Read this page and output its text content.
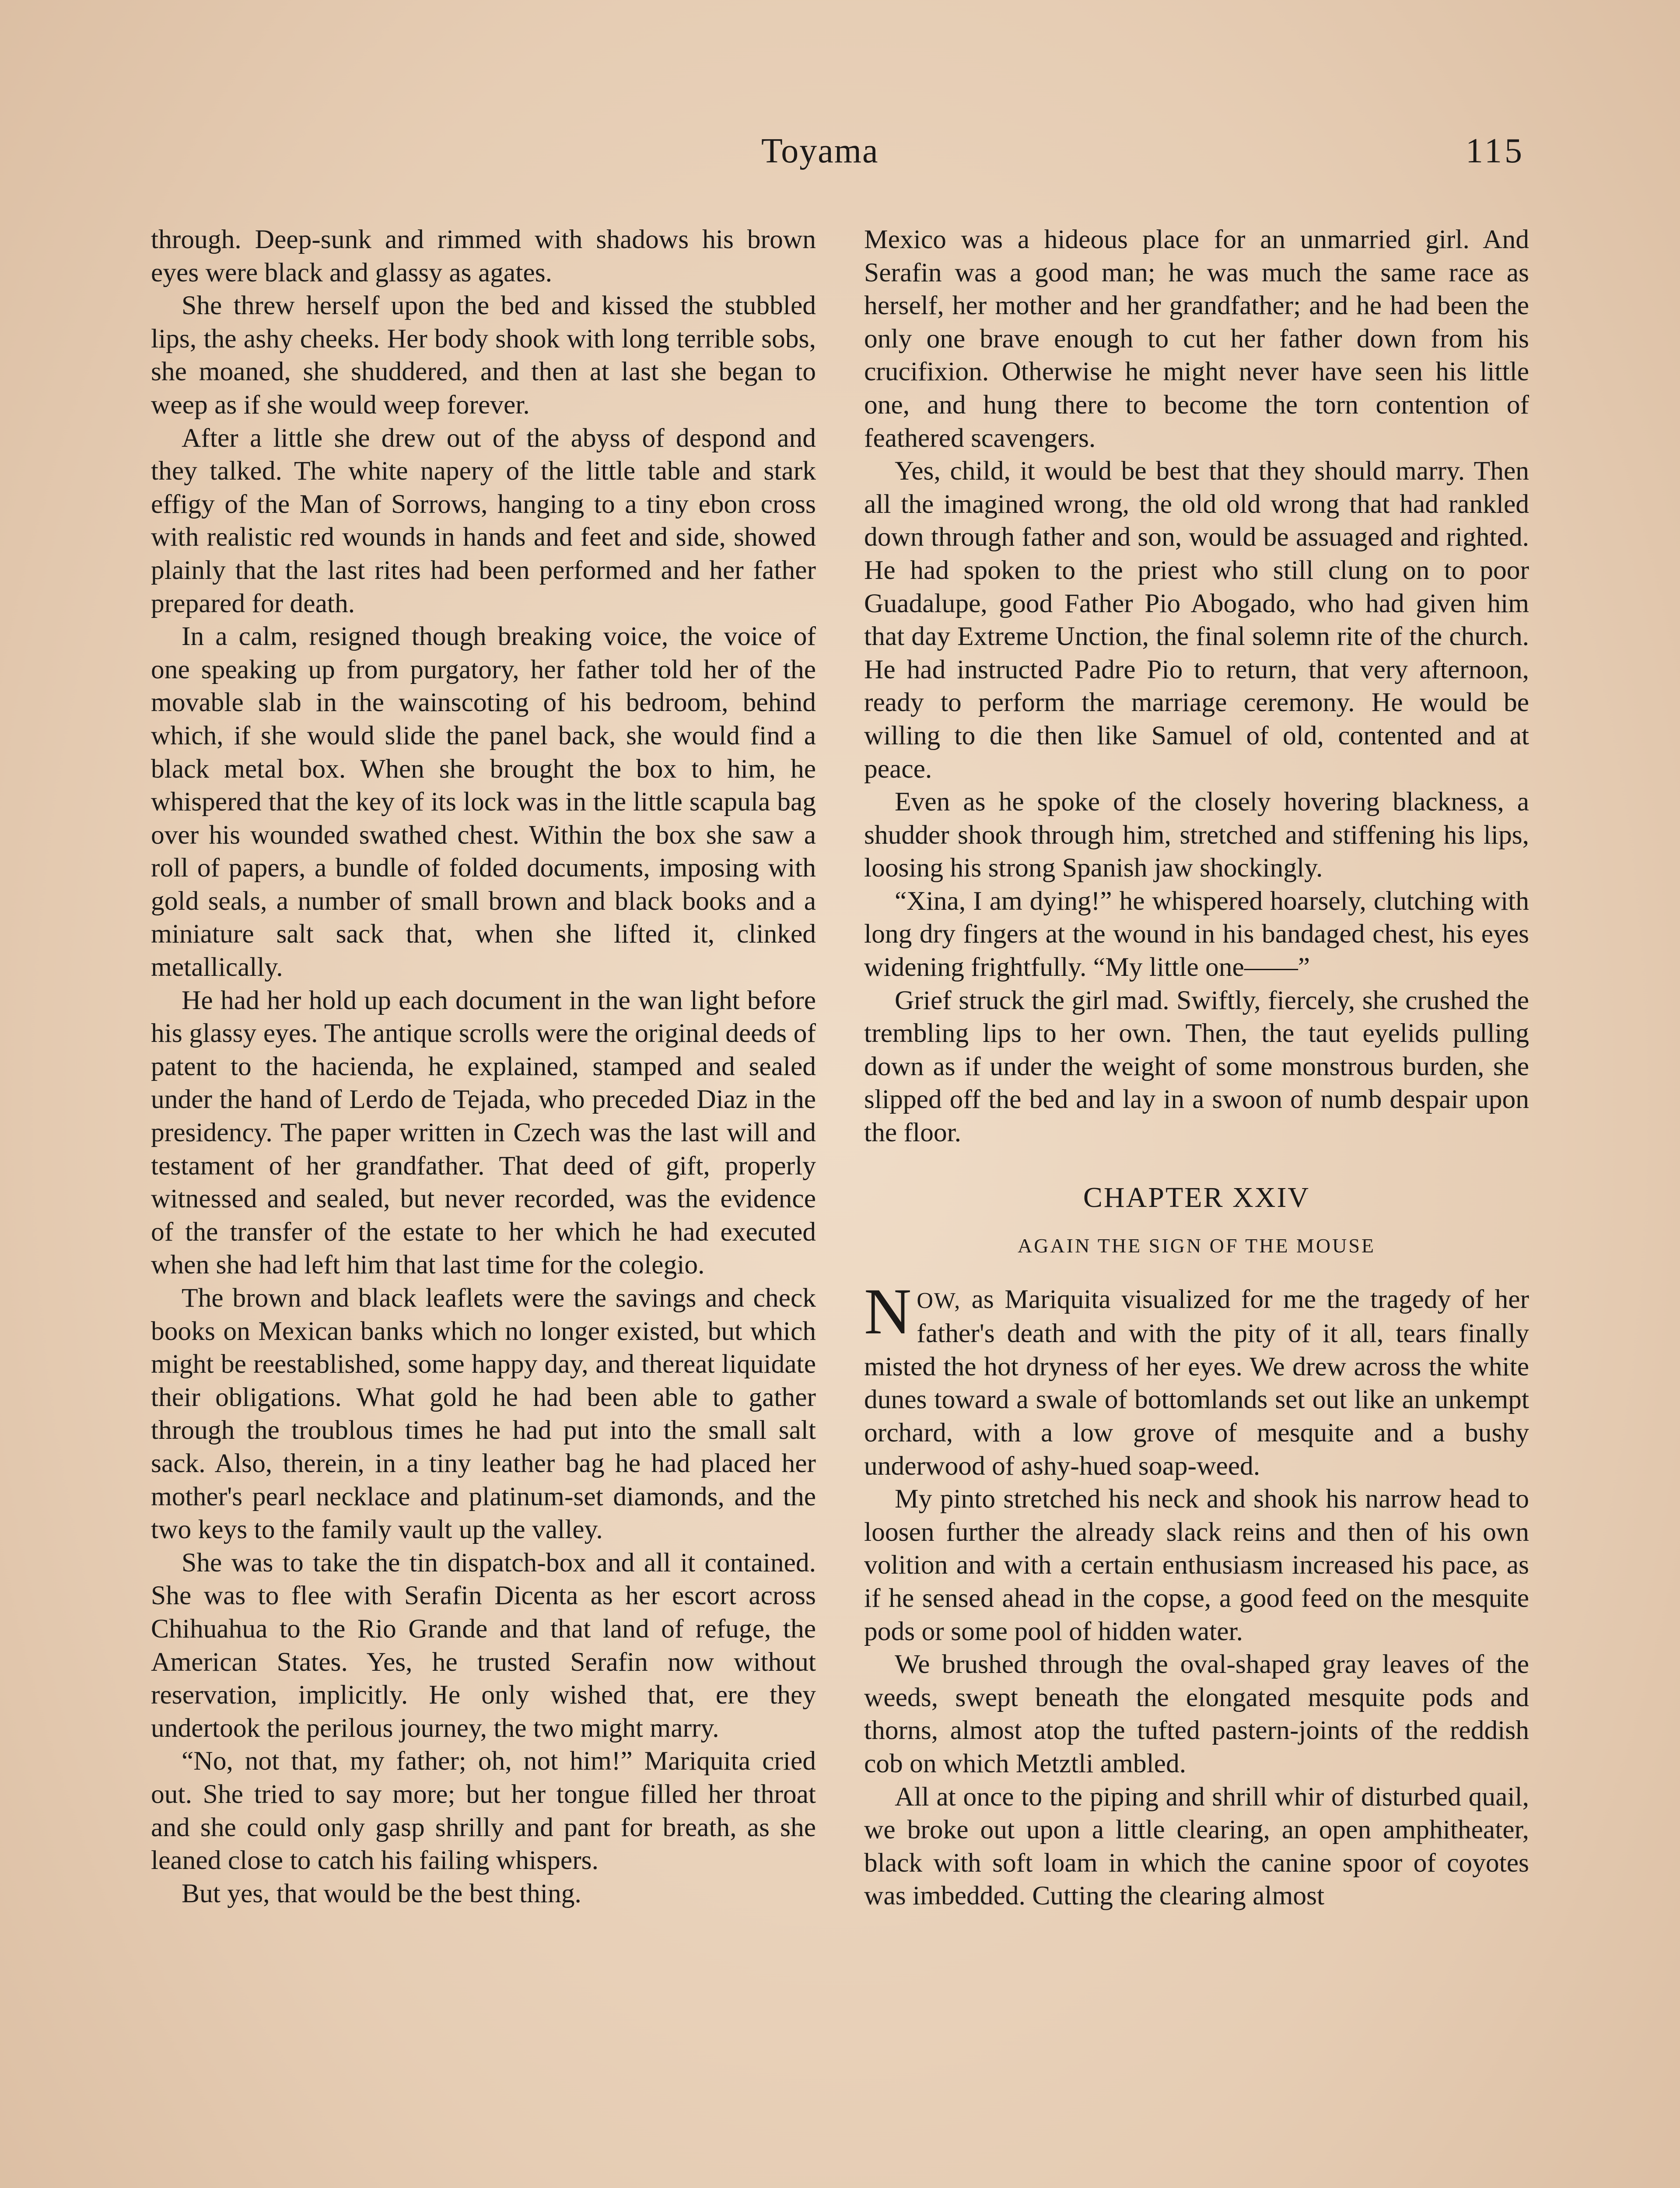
Toyama	115

through. Deep-sunk and rimmed with shadows his brown eyes were black and glassy as agates.

She threw herself upon the bed and kissed the stubbled lips, the ashy cheeks. Her body shook with long terrible sobs, she moaned, she shuddered, and then at last she began to weep as if she would weep forever.

After a little she drew out of the abyss of despond and they talked. The white napery of the little table and stark effigy of the Man of Sorrows, hanging to a tiny ebon cross with realistic red wounds in hands and feet and side, showed plainly that the last rites had been performed and her father prepared for death.

In a calm, resigned though breaking voice, the voice of one speaking up from purgatory, her father told her of the movable slab in the wainscoting of his bedroom, behind which, if she would slide the panel back, she would find a black metal box. When she brought the box to him, he whispered that the key of its lock was in the little scapula bag over his wounded swathed chest. Within the box she saw a roll of papers, a bundle of folded documents, imposing with gold seals, a number of small brown and black books and a miniature salt sack that, when she lifted it, clinked metallically.

He had her hold up each document in the wan light before his glassy eyes. The antique scrolls were the original deeds of patent to the hacienda, he explained, stamped and sealed under the hand of Lerdo de Tejada, who preceded Diaz in the presidency. The paper written in Czech was the last will and testament of her grandfather. That deed of gift, properly witnessed and sealed, but never recorded, was the evidence of the transfer of the estate to her which he had executed when she had left him that last time for the colegio.

The brown and black leaflets were the savings and check books on Mexican banks which no longer existed, but which might be reestablished, some happy day, and thereat liquidate their obligations. What gold he had been able to gather through the troublous times he had put into the small salt sack. Also, therein, in a tiny leather bag he had placed her mother's pearl necklace and platinum-set diamonds, and the two keys to the family vault up the valley.

She was to take the tin dispatch-box and all it contained. She was to flee with Serafin Dicenta as her escort across Chihuahua to the Rio Grande and that land of refuge, the American States. Yes, he trusted Serafin now without reservation, implicitly. He only wished that, ere they undertook the perilous journey, the two might marry.

“No, not that, my father; oh, not him!” Mariquita cried out. She tried to say more; but her tongue filled her throat and she could only gasp shrilly and pant for breath, as she leaned close to catch his failing whispers.

But yes, that would be the best thing.

Mexico was a hideous place for an unmarried girl. And Serafin was a good man; he was much the same race as herself, her mother and her grandfather; and he had been the only one brave enough to cut her father down from his crucifixion. Otherwise he might never have seen his little one, and hung there to become the torn contention of feathered scavengers.

Yes, child, it would be best that they should marry. Then all the imagined wrong, the old old wrong that had rankled down through father and son, would be assuaged and righted. He had spoken to the priest who still clung on to poor Guadalupe, good Father Pio Abogado, who had given him that day Extreme Unction, the final solemn rite of the church. He had instructed Padre Pio to return, that very afternoon, ready to perform the marriage ceremony. He would be willing to die then like Samuel of old, contented and at peace.

Even as he spoke of the closely hovering blackness, a shudder shook through him, stretched and stiffening his lips, loosing his strong Spanish jaw shockingly.

“Xina, I am dying!” he whispered hoarsely, clutching with long dry fingers at the wound in his bandaged chest, his eyes widening frightfully. “My little one——”

Grief struck the girl mad. Swiftly, fiercely, she crushed the trembling lips to her own. Then, the taut eyelids pulling down as if under the weight of some monstrous burden, she slipped off the bed and lay in a swoon of numb despair upon the floor.

CHAPTER XXIV
AGAIN THE SIGN OF THE MOUSE

NOW, as Mariquita visualized for me the tragedy of her father's death and with the pity of it all, tears finally misted the hot dryness of her eyes. We drew across the white dunes toward a swale of bottomlands set out like an unkempt orchard, with a low grove of mesquite and a bushy underwood of ashy-hued soap-weed.

My pinto stretched his neck and shook his narrow head to loosen further the already slack reins and then of his own volition and with a certain enthusiasm increased his pace, as if he sensed ahead in the copse, a good feed on the mesquite pods or some pool of hidden water.

We brushed through the oval-shaped gray leaves of the weeds, swept beneath the elongated mesquite pods and thorns, almost atop the tufted pastern-joints of the reddish cob on which Metztli ambled.

All at once to the piping and shrill whir of disturbed quail, we broke out upon a little clearing, an open amphitheater, black with soft loam in which the canine spoor of coyotes was imbedded. Cutting the clearing almost
